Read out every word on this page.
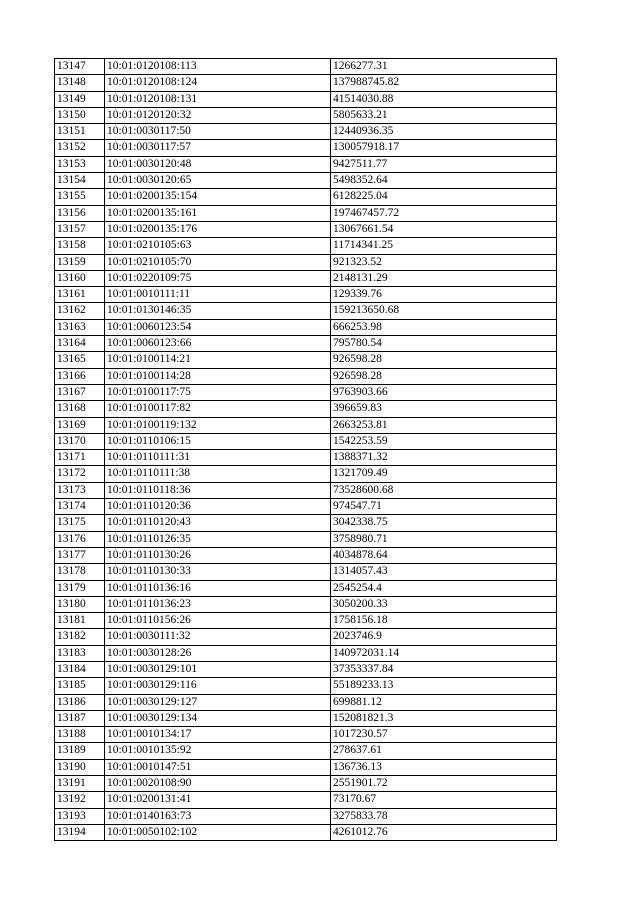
13147	10:01:0120108:113	1266277.31
13148	10:01:0120108:124	137988745.82
13149	10:01:0120108:131	41514030.88
13150	10:01:0120120:32	5805633.21
13151	10:01:0030117:50	12440936.35
13152	10:01:0030117:57	130057918.17
13153	10:01:0030120:48	9427511.77
13154	10:01:0030120:65	5498352.64
13155	10:01:0200135:154	6128225.04
13156	10:01:0200135:161	197467457.72
13157	10:01:0200135:176	13067661.54
13158	10:01:0210105:63	11714341.25
13159	10:01:0210105:70	921323.52
13160	10:01:0220109:75	2148131.29
13161	10:01:0010111:11	129339.76
13162	10:01:0130146:35	159213650.68
13163	10:01:0060123:54	666253.98
13164	10:01:0060123:66	795780.54
13165	10:01:0100114:21	926598.28
13166	10:01:0100114:28	926598.28
13167	10:01:0100117:75	9763903.66
13168	10:01:0100117:82	396659.83
13169	10:01:0100119:132	2663253.81
13170	10:01:0110106:15	1542253.59
13171	10:01:0110111:31	1388371.32
13172	10:01:0110111:38	1321709.49
13173	10:01:0110118:36	73528600.68
13174	10:01:0110120:36	974547.71
13175	10:01:0110120:43	3042338.75
13176	10:01:0110126:35	3758980.71
13177	10:01:0110130:26	4034878.64
13178	10:01:0110130:33	1314057.43
13179	10:01:0110136:16	2545254.4
13180	10:01:0110136:23	3050200.33
13181	10:01:0110156:26	1758156.18
13182	10:01:0030111:32	2023746.9
13183	10:01:0030128:26	140972031.14
13184	10:01:0030129:101	37353337.84
13185	10:01:0030129:116	55189233.13
13186	10:01:0030129:127	699881.12
13187	10:01:0030129:134	152081821.3
13188	10:01:0010134:17	1017230.57
13189	10:01:0010135:92	278637.61
13190	10:01:0010147:51	136736.13
13191	10:01:0020108:90	2551901.72
13192	10:01:0200131:41	73170.67
13193	10:01:0140163:73	3275833.78
13194	10:01:0050102:102	4261012.76
